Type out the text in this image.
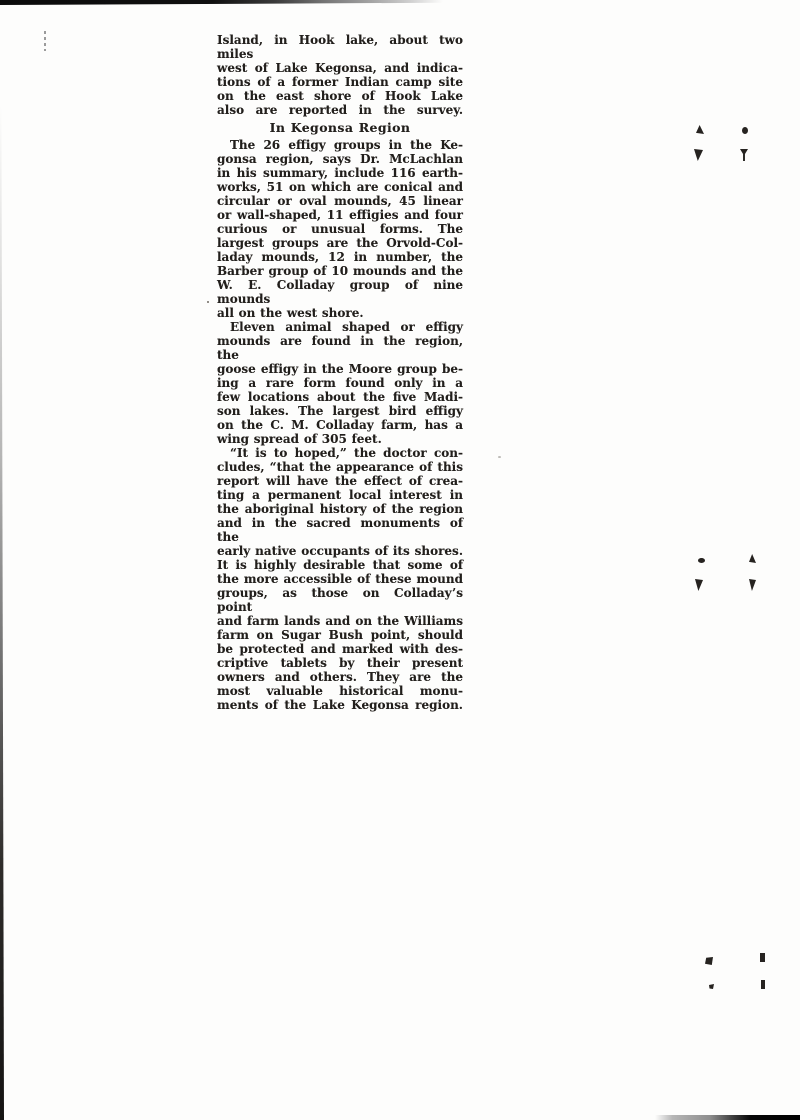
Island, in Hook lake, about two miles
west of Lake Kegonsa, and indica-
tions of a former Indian camp site
on the east shore of Hook Lake
also are reported in the survey.
In Kegonsa Region
The 26 effigy groups in the Ke-
gonsa region, says Dr. McLachlan
in his summary, include 116 earth-
works, 51 on which are conical and
circular or oval mounds, 45 linear
or wall-shaped, 11 effigies and four
curious or unusual forms. The
largest groups are the Orvold-Col-
laday mounds, 12 in number, the
Barber group of 10 mounds and the
W. E. Colladay group of nine mounds
all on the west shore.
Eleven animal shaped or effigy
mounds are found in the region, the
goose effigy in the Moore group be-
ing a rare form found only in a
few locations about the five Madi-
son lakes. The largest bird effigy
on the C. M. Colladay farm, has a
wing spread of 305 feet.
“It is to hoped,” the doctor con-
cludes, “that the appearance of this
report will have the effect of crea-
ting a permanent local interest in
the aboriginal history of the region
and in the sacred monuments of the
early native occupants of its shores.
It is highly desirable that some of
the more accessible of these mound
groups, as those on Colladay’s point
and farm lands and on the Williams
farm on Sugar Bush point, should
be protected and marked with des-
criptive tablets by their present
owners and others. They are the
most valuable historical monu-
ments of the Lake Kegonsa region.
